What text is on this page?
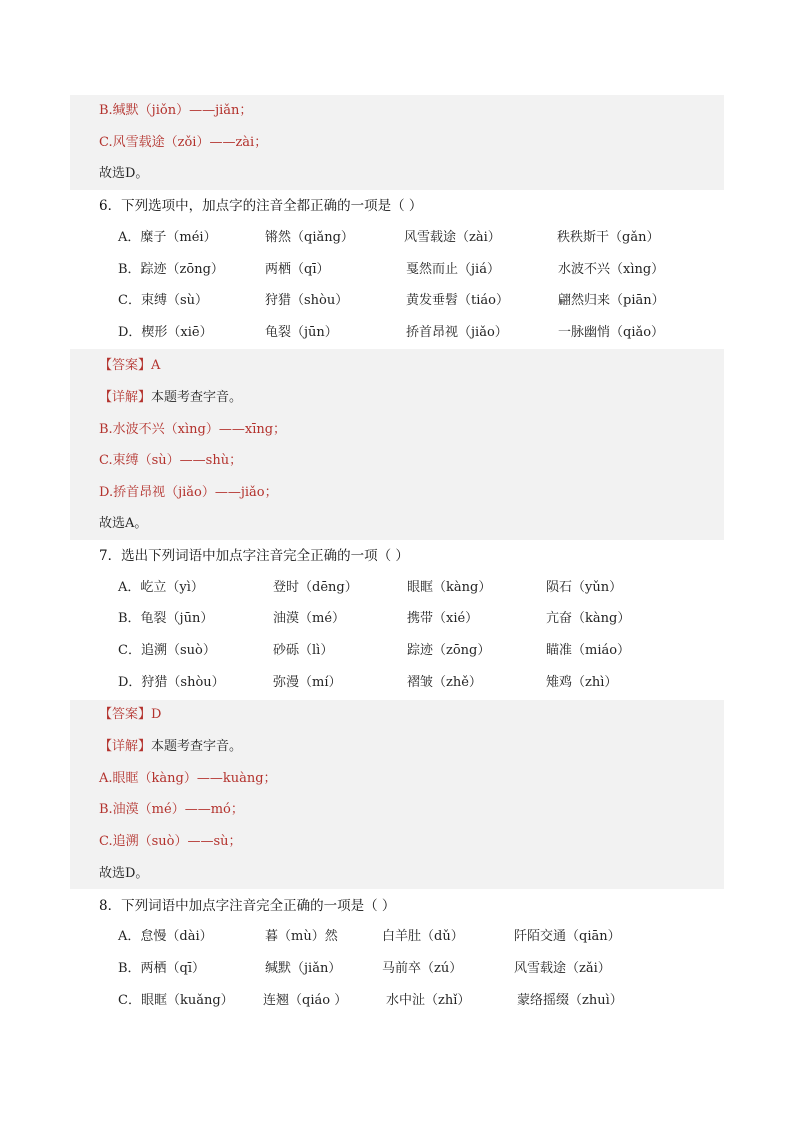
B.缄默（jiǒn）——jiǎn；
C.风雪载途（zǒi）——zài；
故选D。
6．下列选项中，加点字的注音全都正确的一项是（ ）
A．糜子（méi）	锵然（qiǎng）	风雪载途（zài）	秩秩斯干（gǎn）
B．踪迹（zōng）	两栖（qī）	戛然而止（jiá）	水波不兴（xìng）
C．束缚（sù）	狩猎（shòu）	黄发垂髫（tiáo）	翩然归来（piān）
D．楔形（xiē）	龟裂（jūn）	挢首昂视（jiǎo）	一脉幽悄（qiǎo）
【答案】A
【详解】本题考查字音。
B.水波不兴（xìng）——xīng；
C.束缚（sù）——shù；
D.挢首昂视（jiǎo）——jiǎo；
故选A。
7．选出下列词语中加点字注音完全正确的一项（ ）
A．屹立（yì）	登时（dēng）	眼眶（kàng）	陨石（yǔn）
B．龟裂（jūn）	油漠（mé）	携带（xié）	亢奋（kàng）
C．追溯（suò）	砂砾（lì）	踪迹（zōng）	瞄准（miáo）
D．狩猎（shòu）	弥漫（mí）	褶皱（zhě）	雉鸡（zhì）
【答案】D
【详解】本题考查字音。
A.眼眶（kàng）——kuàng；
B.油漠（mé）——mó；
C.追溯（suò）——sù；
故选D。
8．下列词语中加点字注音完全正确的一项是（ ）
A．怠慢（dài）	暮（mù）然	白羊肚（dǔ）	阡陌交通（qiān）
B．两栖（qī）	缄默（jiǎn）	马前卒（zú）	风雪载途（zǎi）
C．眼眶（kuǎng） 连翘（qiáo ）	水中沚（zhǐ）	蒙络摇缀（zhuì）
